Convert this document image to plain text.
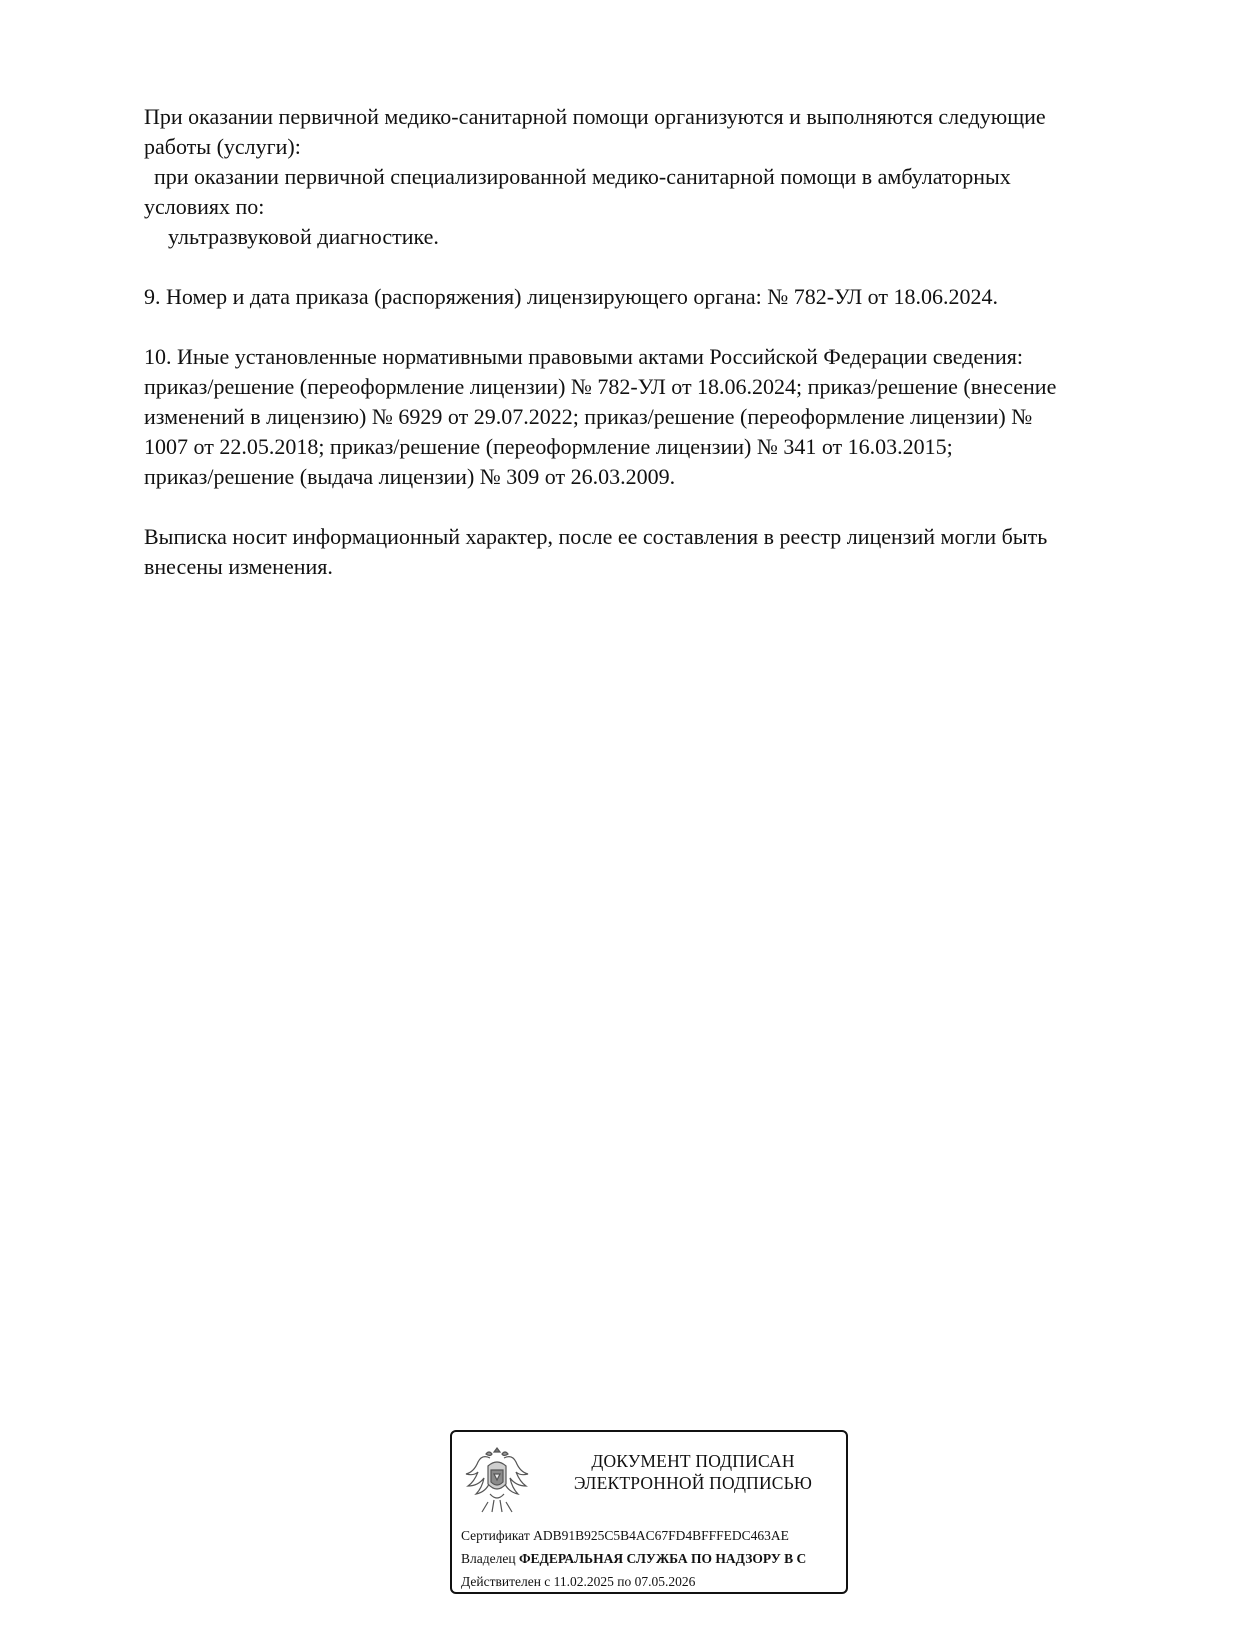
При оказании первичной медико-санитарной помощи организуются и выполняются следующие

работы (услуги):

при оказании первичной специализированной медико-санитарной помощи в амбулаторных

условиях по:

ультразвуковой диагностике.

9. Номер и дата приказа (распоряжения) лицензирующего органа: № 782-УЛ от 18.06.2024.

10. Иные установленные нормативными правовыми актами Российской Федерации сведения:

приказ/решение (переоформление лицензии) № 782-УЛ от 18.06.2024; приказ/решение (внесение

изменений в лицензию) № 6929 от 29.07.2022; приказ/решение (переоформление лицензии) №

1007 от 22.05.2018; приказ/решение (переоформление лицензии) № 341 от 16.03.2015;

приказ/решение (выдача лицензии) № 309 от 26.03.2009.

Выписка носит информационный характер, после ее составления в реестр лицензий могли быть

внесены изменения.

ДОКУМЕНТ ПОДПИСАН
ЭЛЕКТРОННОЙ ПОДПИСЬЮ
Сертификат ADB91B925C5B4AC67FD4BFFFEDC463AE
Владелец ФЕДЕРАЛЬНАЯ СЛУЖБА ПО НАДЗОРУ В С
Действителен с 11.02.2025 по 07.05.2026
